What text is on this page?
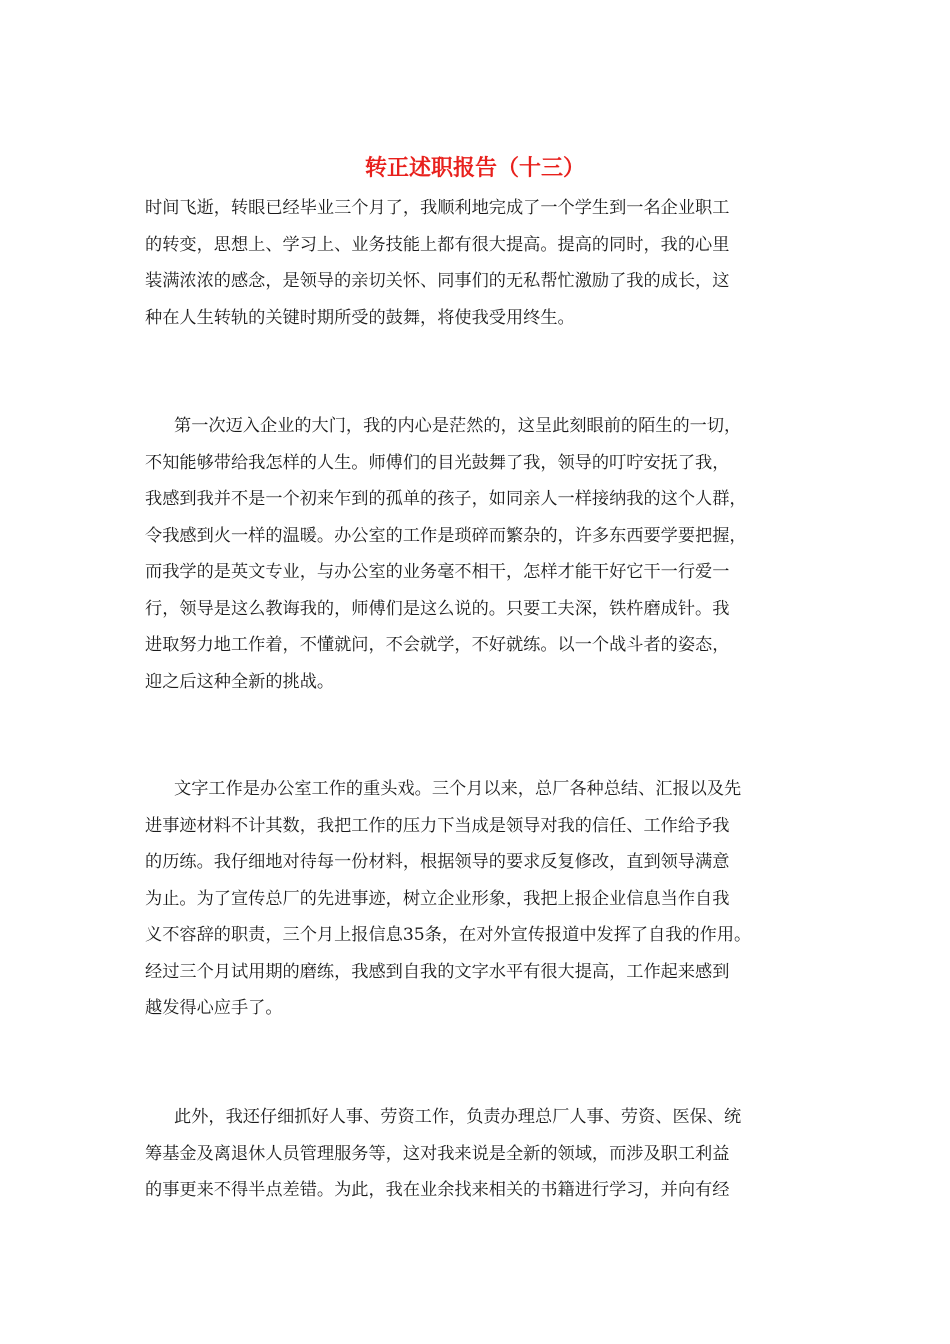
转正述职报告（十三）
时间飞逝，转眼已经毕业三个月了，我顺利地完成了一个学生到一名企业职工
的转变，思想上、学习上、业务技能上都有很大提高。提高的同时，我的心里
装满浓浓的感念，是领导的亲切关怀、同事们的无私帮忙激励了我的成长，这
种在人生转轨的关键时期所受的鼓舞，将使我受用终生。
第一次迈入企业的大门，我的内心是茫然的，这呈此刻眼前的陌生的一切，
不知能够带给我怎样的人生。师傅们的目光鼓舞了我，领导的叮咛安抚了我，
我感到我并不是一个初来乍到的孤单的孩子，如同亲人一样接纳我的这个人群，
令我感到火一样的温暖。办公室的工作是琐碎而繁杂的，许多东西要学要把握，
而我学的是英文专业，与办公室的业务毫不相干，怎样才能干好它干一行爱一
行，领导是这么教诲我的，师傅们是这么说的。只要工夫深，铁杵磨成针。我
进取努力地工作着，不懂就问，不会就学，不好就练。以一个战斗者的姿态，
迎之后这种全新的挑战。
文字工作是办公室工作的重头戏。三个月以来，总厂各种总结、汇报以及先
进事迹材料不计其数，我把工作的压力下当成是领导对我的信任、工作给予我
的历练。我仔细地对待每一份材料，根据领导的要求反复修改，直到领导满意
为止。为了宣传总厂的先进事迹，树立企业形象，我把上报企业信息当作自我
义不容辞的职责，三个月上报信息35条，在对外宣传报道中发挥了自我的作用。
经过三个月试用期的磨练，我感到自我的文字水平有很大提高，工作起来感到
越发得心应手了。
此外，我还仔细抓好人事、劳资工作，负责办理总厂人事、劳资、医保、统
筹基金及离退休人员管理服务等，这对我来说是全新的领域，而涉及职工利益
的事更来不得半点差错。为此，我在业余找来相关的书籍进行学习，并向有经
